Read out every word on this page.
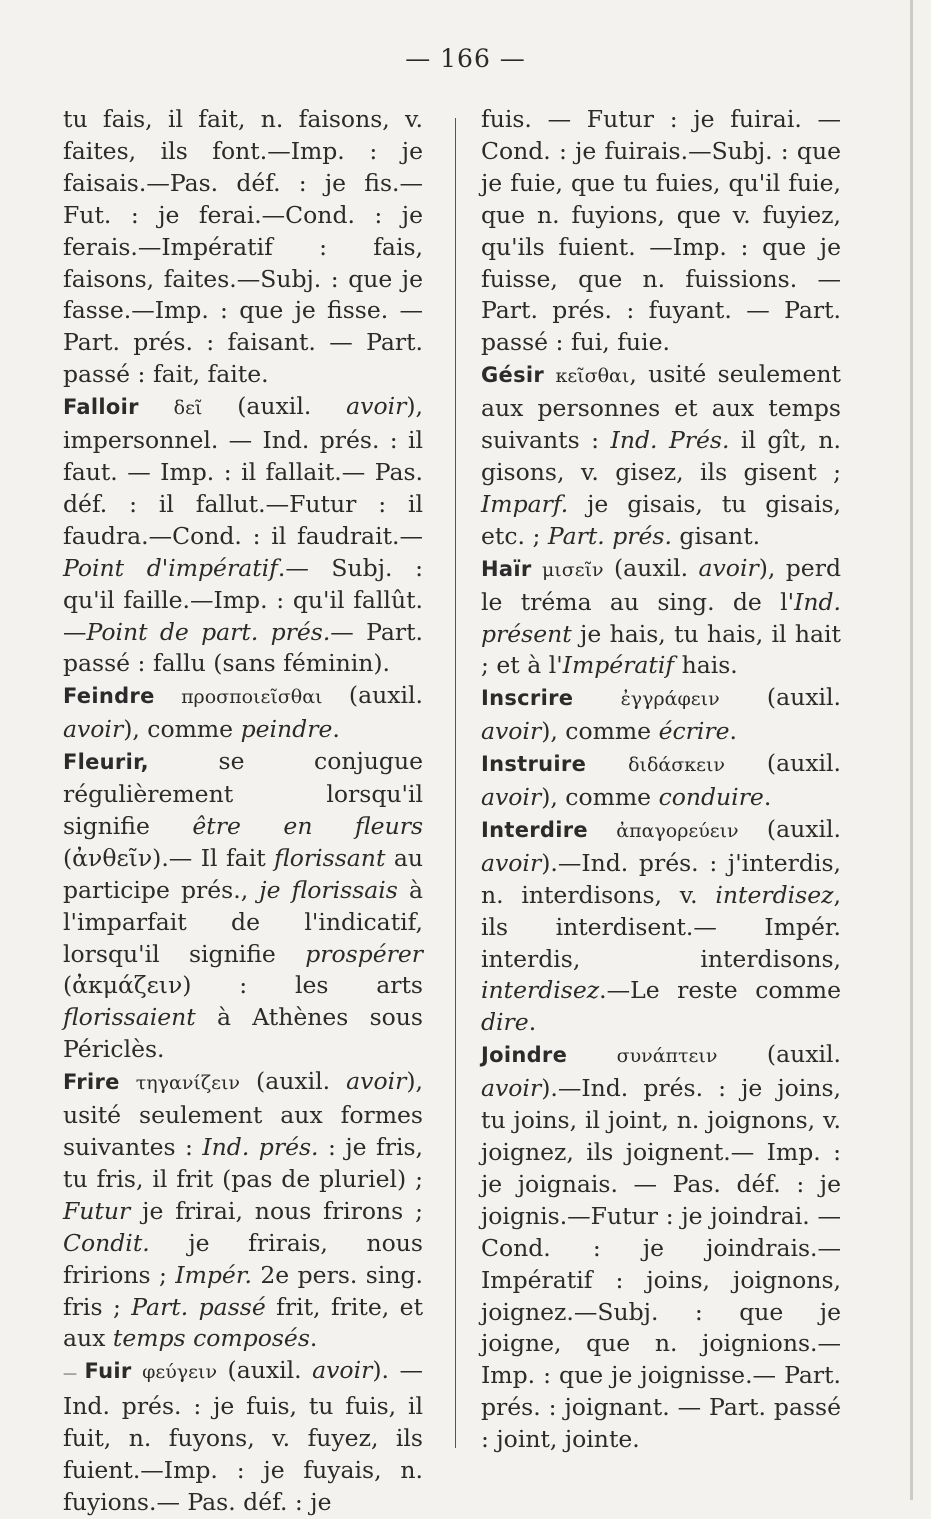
— 166 —
tu fais, il fait, n. faisons, v. faites, ils font.—Imp. : je faisais.—Pas. déf. : je fis.— Fut. : je ferai.—Cond. : je ferais.—Impératif : fais, faisons, faites.—Subj. : que je fasse.—Imp. : que je fisse. — Part. prés. : faisant. — Part. passé : fait, faite.
Falloir δεῖ (auxil. avoir), impersonnel. — Ind. prés. : il faut. — Imp. : il fallait.— Pas. déf. : il fallut.—Futur : il faudra.—Cond. : il faudrait.—Point d'impératif.— Subj. : qu'il faille.—Imp. : qu'il fallût.—Point de part. prés.— Part. passé : fallu (sans féminin).
Feindre προσποιεῖσθαι (auxil. avoir), comme peindre.
Fleurir, se conjugue régulièrement lorsqu'il signifie être en fleurs (ἀνθεῖν).— Il fait florissant au participe prés., je florissais à l'imparfait de l'indicatif, lorsqu'il signifie prospérer (ἀκμάζειν) : les arts florissaient à Athènes sous Périclès.
Frire τηγανίζειν (auxil. avoir), usité seulement aux formes suivantes : Ind. prés. : je fris, tu fris, il frit (pas de pluriel) ; Futur je frirai, nous frirons ; Condit. je frirais, nous fririons ; Impér. 2e pers. sing. fris ; Part. passé frit, frite, et aux temps composés.
— Fuir φεύγειν (auxil. avoir). —Ind. prés. : je fuis, tu fuis, il fuit, n. fuyons, v. fuyez, ils fuient.—Imp. : je fuyais, n. fuyions.— Pas. déf. : je
fuis. — Futur : je fuirai. — Cond. : je fuirais.—Subj. : que je fuie, que tu fuies, qu'il fuie, que n. fuyions, que v. fuyiez, qu'ils fuient. —Imp. : que je fuisse, que n. fuissions. — Part. prés. : fuyant. — Part. passé : fui, fuie.
Gésir κεῖσθαι, usité seulement aux personnes et aux temps suivants : Ind. Prés. il gît, n. gisons, v. gisez, ils gisent ; Imparf. je gisais, tu gisais, etc. ; Part. prés. gisant.
Haïr μισεῖν (auxil. avoir), perd le tréma au sing. de l'Ind. présent je hais, tu hais, il hait ; et à l'Impératif hais.
Inscrire ἐγγράφειν (auxil. avoir), comme écrire.
Instruire διδάσκειν (auxil. avoir), comme conduire.
Interdire ἀπαγορεύειν (auxil. avoir).—Ind. prés. : j'interdis, n. interdisons, v. interdisez, ils interdisent.— Impér. interdis, interdisons, interdisez.—Le reste comme dire.
Joindre	συνάπτειν (auxil. avoir).—Ind. prés. : je joins, tu joins, il joint, n. joignons, v. joignez, ils joignent.— Imp. : je joignais. — Pas. déf. : je joignis.—Futur : je joindrai. — Cond. : je joindrais.—Impératif : joins, joignons, joignez.—Subj. : que je joigne, que n. joignions.— Imp. : que je joignisse.— Part. prés. : joignant. — Part. passé : joint, jointe.
